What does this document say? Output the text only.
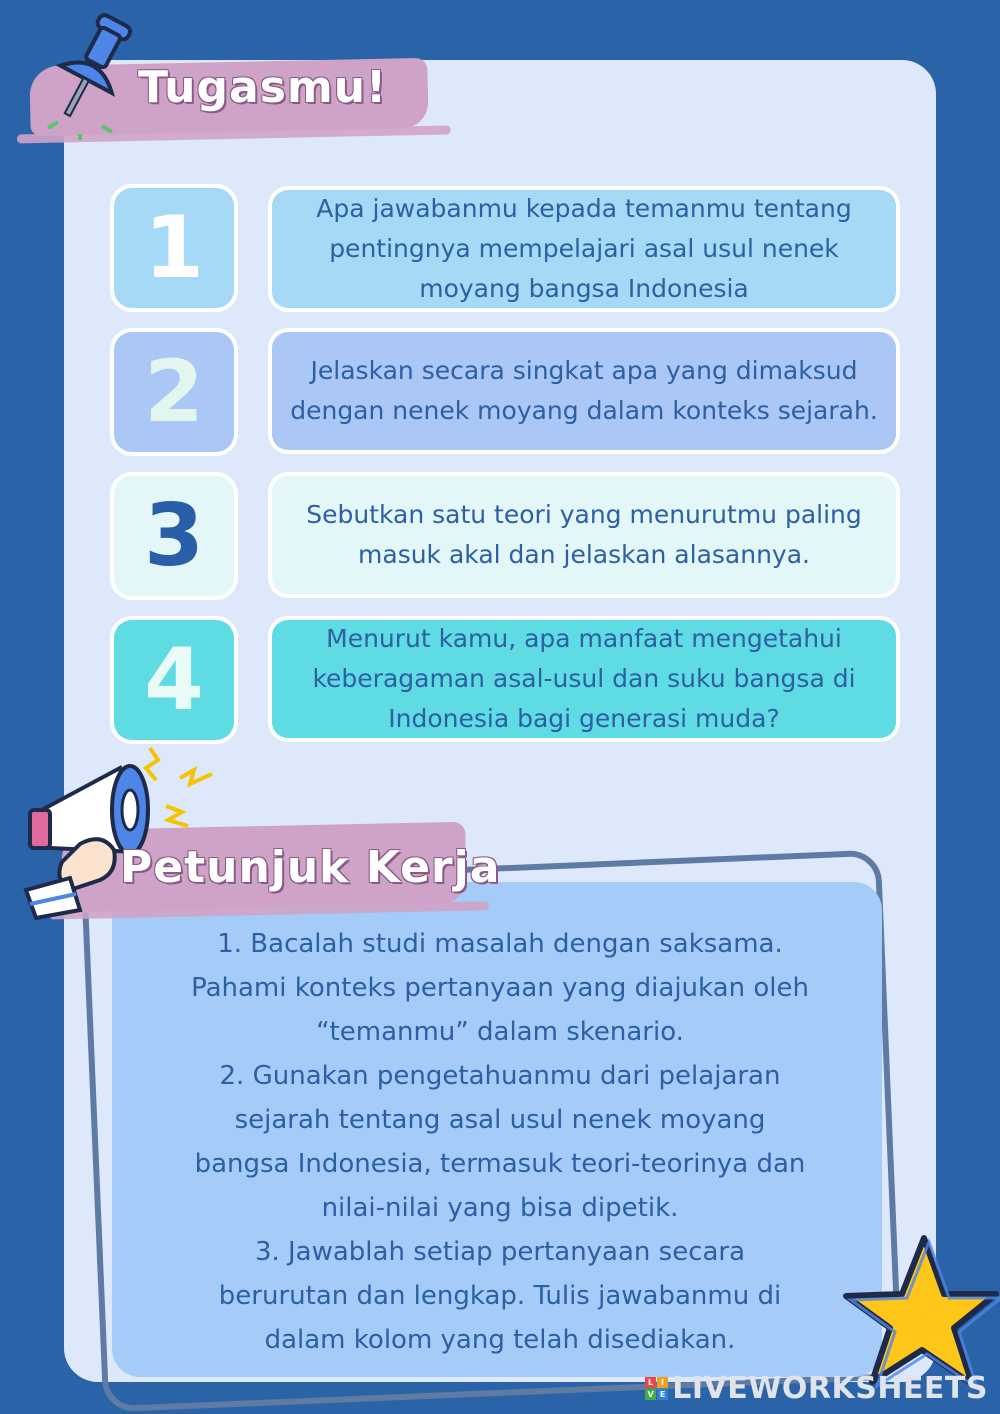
Tugasmu!
1	Apa jawabanmu kepada temanmu tentang pentingnya mempelajari asal usul nenek moyang bangsa Indonesia
2	Jelaskan secara singkat apa yang dimaksud dengan nenek moyang dalam konteks sejarah.
3	Sebutkan satu teori yang menurutmu paling masuk akal dan jelaskan alasannya.
4	Menurut kamu, apa manfaat mengetahui keberagaman asal-usul dan suku bangsa di Indonesia bagi generasi muda?
Petunjuk Kerja
1. Bacalah studi masalah dengan saksama.
Pahami konteks pertanyaan yang diajukan oleh
“temanmu” dalam skenario.
2. Gunakan pengetahuanmu dari pelajaran
sejarah tentang asal usul nenek moyang
bangsa Indonesia, termasuk teori-teorinya dan
nilai-nilai yang bisa dipetik.
3. Jawablah setiap pertanyaan secara
berurutan dan lengkap. Tulis jawabanmu di
dalam kolom yang telah disediakan.
L I
V E LIVEWORKSHEETS
